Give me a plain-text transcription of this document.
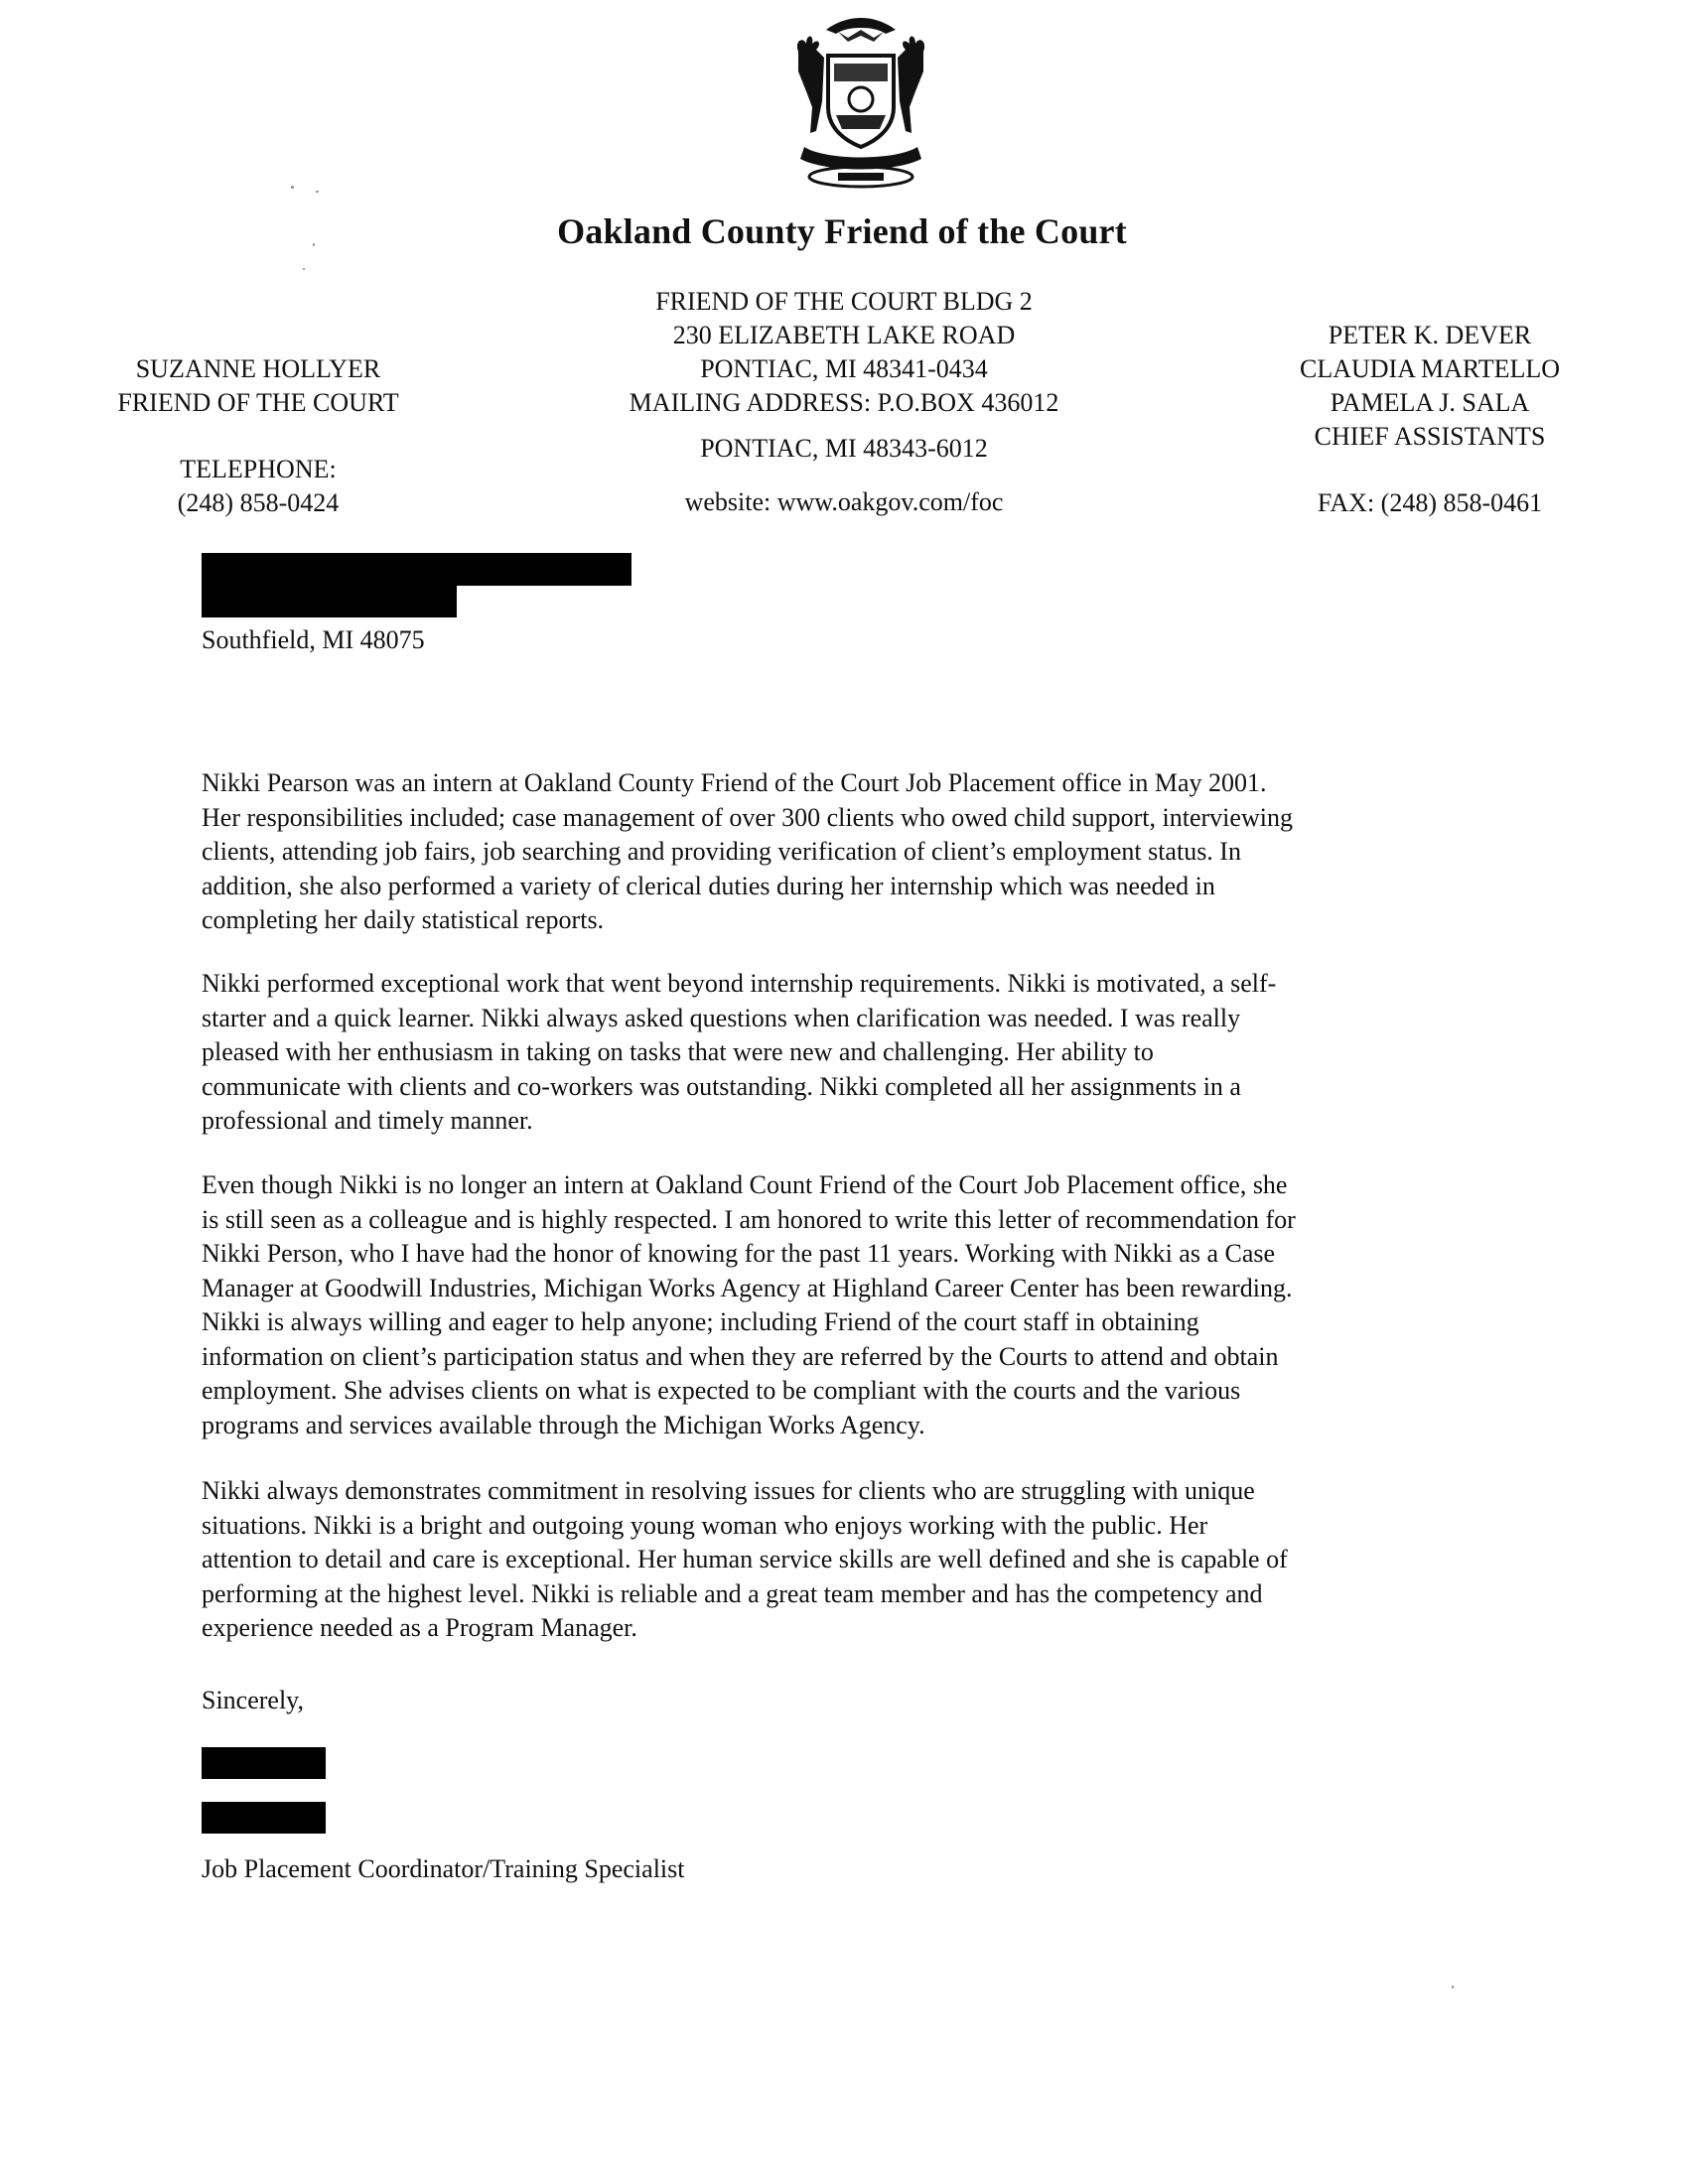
Oakland County Friend of the Court
SUZANNE HOLLYER
FRIEND OF THE COURT
TELEPHONE:
(248) 858-0424
FRIEND OF THE COURT BLDG 2
230 ELIZABETH LAKE ROAD
PONTIAC, MI 48341-0434
MAILING ADDRESS: P.O.BOX 436012
PONTIAC, MI 48343-6012
website: www.oakgov.com/foc
PETER K. DEVER
CLAUDIA MARTELLO
PAMELA J. SALA
CHIEF ASSISTANTS
FAX: (248) 858-0461
Southfield, MI 48075
Nikki Pearson was an intern at Oakland County Friend of the Court Job Placement office in May 2001.
Her responsibilities included; case management of over 300 clients who owed child support, interviewing
clients, attending job fairs, job searching and providing verification of client’s employment status. In
addition, she also performed a variety of clerical duties during her internship which was needed in
completing her daily statistical reports.
Nikki performed exceptional work that went beyond internship requirements. Nikki is motivated, a self-
starter and a quick learner. Nikki always asked questions when clarification was needed. I was really
pleased with her enthusiasm in taking on tasks that were new and challenging. Her ability to
communicate with clients and co-workers was outstanding. Nikki completed all her assignments in a
professional and timely manner.
Even though Nikki is no longer an intern at Oakland Count Friend of the Court Job Placement office, she
is still seen as a colleague and is highly respected. I am honored to write this letter of recommendation for
Nikki Person, who I have had the honor of knowing for the past 11 years. Working with Nikki as a Case
Manager at Goodwill Industries, Michigan Works Agency at Highland Career Center has been rewarding.
Nikki is always willing and eager to help anyone; including Friend of the court staff in obtaining
information on client’s participation status and when they are referred by the Courts to attend and obtain
employment. She advises clients on what is expected to be compliant with the courts and the various
programs and services available through the Michigan Works Agency.
Nikki always demonstrates commitment in resolving issues for clients who are struggling with unique
situations. Nikki is a bright and outgoing young woman who enjoys working with the public. Her
attention to detail and care is exceptional. Her human service skills are well defined and she is capable of
performing at the highest level. Nikki is reliable and a great team member and has the competency and
experience needed as a Program Manager.
Sincerely,
Job Placement Coordinator/Training Specialist
